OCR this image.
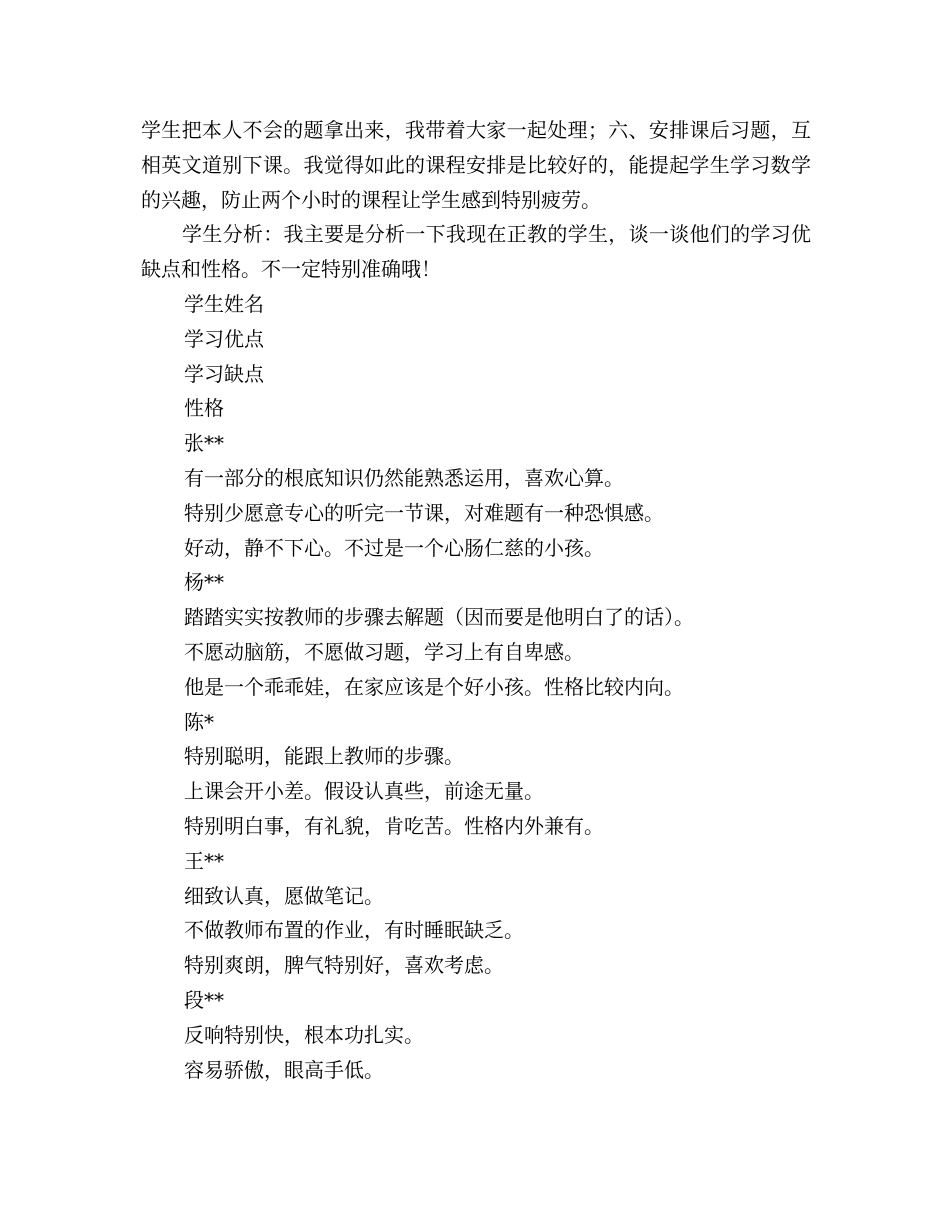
学生把本人不会的题拿出来，我带着大家一起处理；六、安排课后习题，互相英文道别下课。我觉得如此的课程安排是比较好的，能提起学生学习数学的兴趣，防止两个小时的课程让学生感到特别疲劳。

学生分析：我主要是分析一下我现在正教的学生，谈一谈他们的学习优缺点和性格。不一定特别准确哦！

学生姓名

学习优点

学习缺点

性格

张**

有一部分的根底知识仍然能熟悉运用，喜欢心算。

特别少愿意专心的听完一节课，对难题有一种恐惧感。

好动，静不下心。不过是一个心肠仁慈的小孩。

杨**

踏踏实实按教师的步骤去解题（因而要是他明白了的话）。

不愿动脑筋，不愿做习题，学习上有自卑感。

他是一个乖乖娃，在家应该是个好小孩。性格比较内向。

陈*

特别聪明，能跟上教师的步骤。

上课会开小差。假设认真些，前途无量。

特别明白事，有礼貌，肯吃苦。性格内外兼有。

王**

细致认真，愿做笔记。

不做教师布置的作业，有时睡眠缺乏。

特别爽朗，脾气特别好，喜欢考虑。

段**

反响特别快，根本功扎实。

容易骄傲，眼高手低。
